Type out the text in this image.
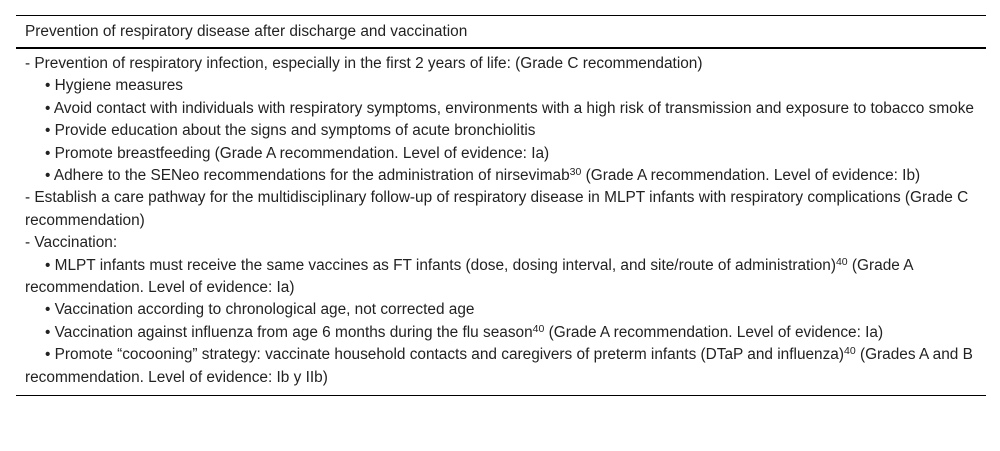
Prevention of respiratory disease after discharge and vaccination

- Prevention of respiratory infection, especially in the first 2 years of life: (Grade C recommendation)

• Hygiene measures

• Avoid contact with individuals with respiratory symptoms, environments with a high risk of transmission and exposure to tobacco smoke

• Provide education about the signs and symptoms of acute bronchiolitis

• Promote breastfeeding (Grade A recommendation. Level of evidence: Ia)

• Adhere to the SENeo recommendations for the administration of nirsevimab$^{30}$ (Grade A recommendation. Level of evidence: Ib)

- Establish a care pathway for the multidisciplinary follow-up of respiratory disease in MLPT infants with respiratory complications (Grade C recommendation)

- Vaccination:

• MLPT infants must receive the same vaccines as FT infants (dose, dosing interval, and site/route of administration)$^{40}$ (Grade A recommendation. Level of evidence: Ia)

• Vaccination according to chronological age, not corrected age

• Vaccination against influenza from age 6 months during the flu season$^{40}$ (Grade A recommendation. Level of evidence: Ia)

• Promote “cocooning” strategy: vaccinate household contacts and caregivers of preterm infants (DTaP and influenza)$^{40}$ (Grades A and B recommendation. Level of evidence: Ib y IIb)
